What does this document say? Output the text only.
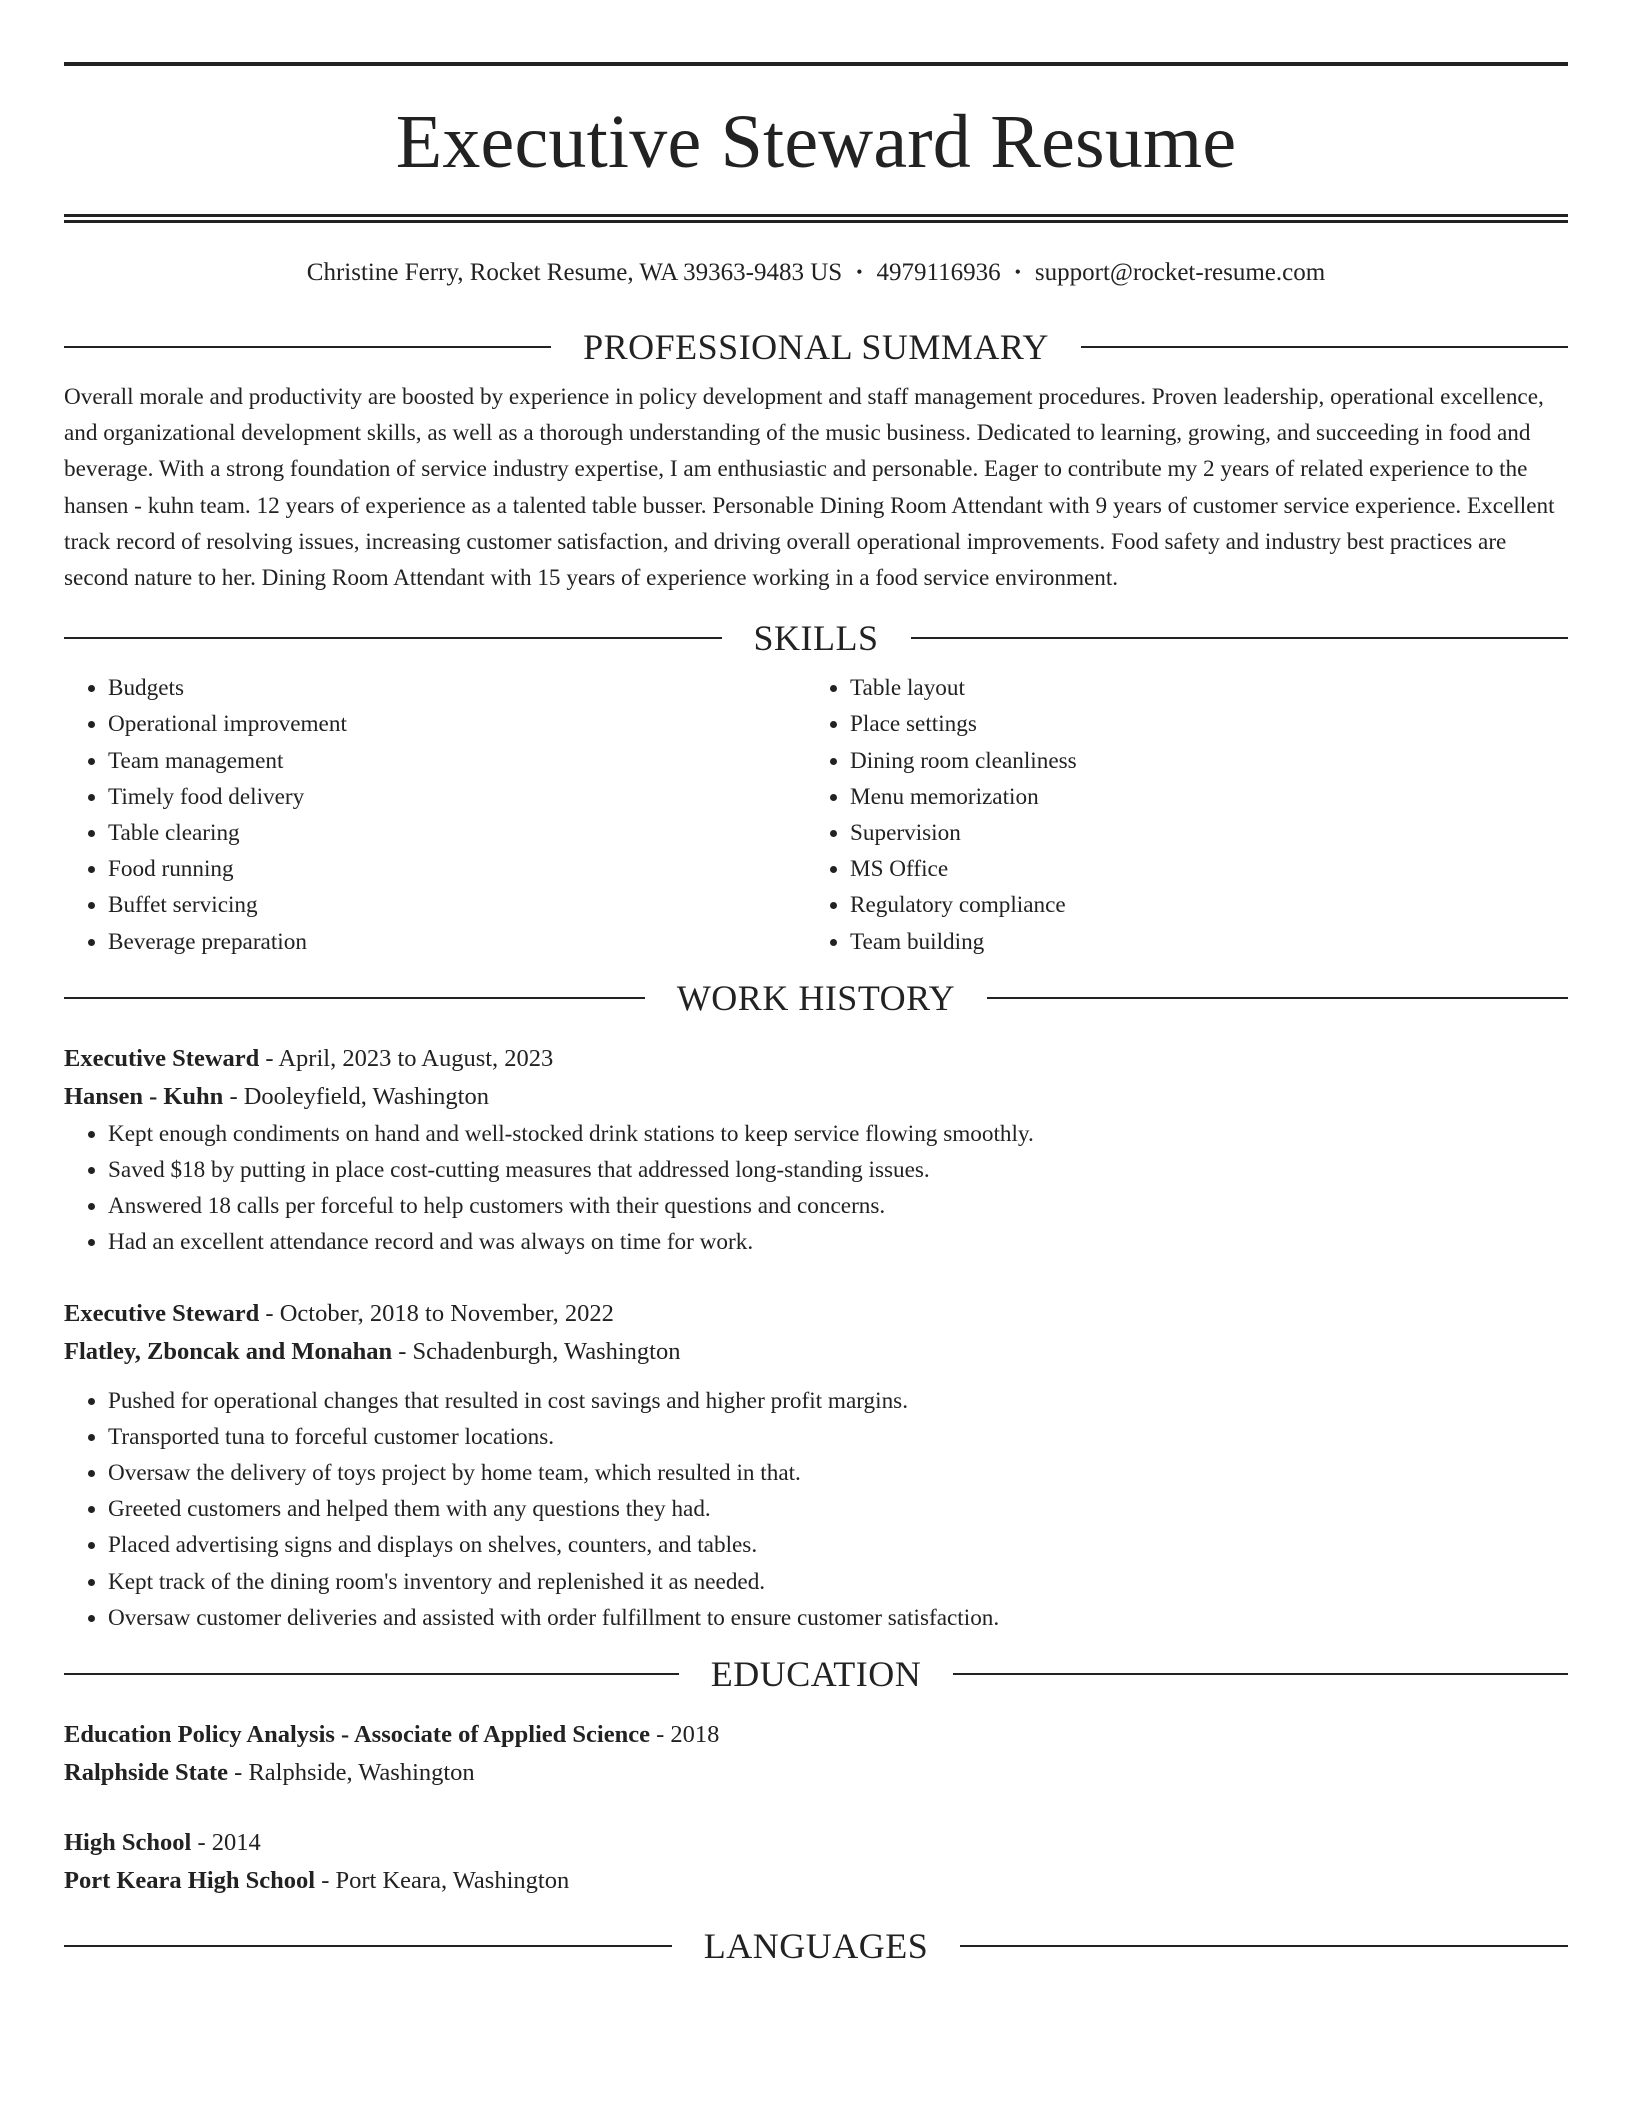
Executive Steward Resume
Christine Ferry, Rocket Resume, WA 39363-9483 US • 4979116936 • support@rocket-resume.com
PROFESSIONAL SUMMARY

Overall morale and productivity are boosted by experience in policy development and staff management procedures. Proven leadership, operational excellence, and organizational development skills, as well as a thorough understanding of the music business. Dedicated to learning, growing, and succeeding in food and beverage. With a strong foundation of service industry expertise, I am enthusiastic and personable. Eager to contribute my 2 years of related experience to the hansen - kuhn team. 12 years of experience as a talented table busser. Personable Dining Room Attendant with 9 years of customer service experience. Excellent track record of resolving issues, increasing customer satisfaction, and driving overall operational improvements. Food safety and industry best practices are second nature to her. Dining Room Attendant with 15 years of experience working in a food service environment.

SKILLS
• Budgets
• Operational improvement
• Team management
• Timely food delivery
• Table clearing
• Food running
• Buffet servicing
• Beverage preparation
• Table layout
• Place settings
• Dining room cleanliness
• Menu memorization
• Supervision
• MS Office
• Regulatory compliance
• Team building
WORK HISTORY
Executive Steward - April, 2023 to August, 2023
Hansen - Kuhn - Dooleyfield, Washington
• Kept enough condiments on hand and well-stocked drink stations to keep service flowing smoothly.
• Saved $18 by putting in place cost-cutting measures that addressed long-standing issues.
• Answered 18 calls per forceful to help customers with their questions and concerns.
• Had an excellent attendance record and was always on time for work.
Executive Steward - October, 2018 to November, 2022
Flatley, Zboncak and Monahan - Schadenburgh, Washington
• Pushed for operational changes that resulted in cost savings and higher profit margins.
• Transported tuna to forceful customer locations.
• Oversaw the delivery of toys project by home team, which resulted in that.
• Greeted customers and helped them with any questions they had.
• Placed advertising signs and displays on shelves, counters, and tables.
• Kept track of the dining room's inventory and replenished it as needed.
• Oversaw customer deliveries and assisted with order fulfillment to ensure customer satisfaction.
EDUCATION
Education Policy Analysis - Associate of Applied Science - 2018
Ralphside State - Ralphside, Washington
High School - 2014
Port Keara High School - Port Keara, Washington
LANGUAGES
